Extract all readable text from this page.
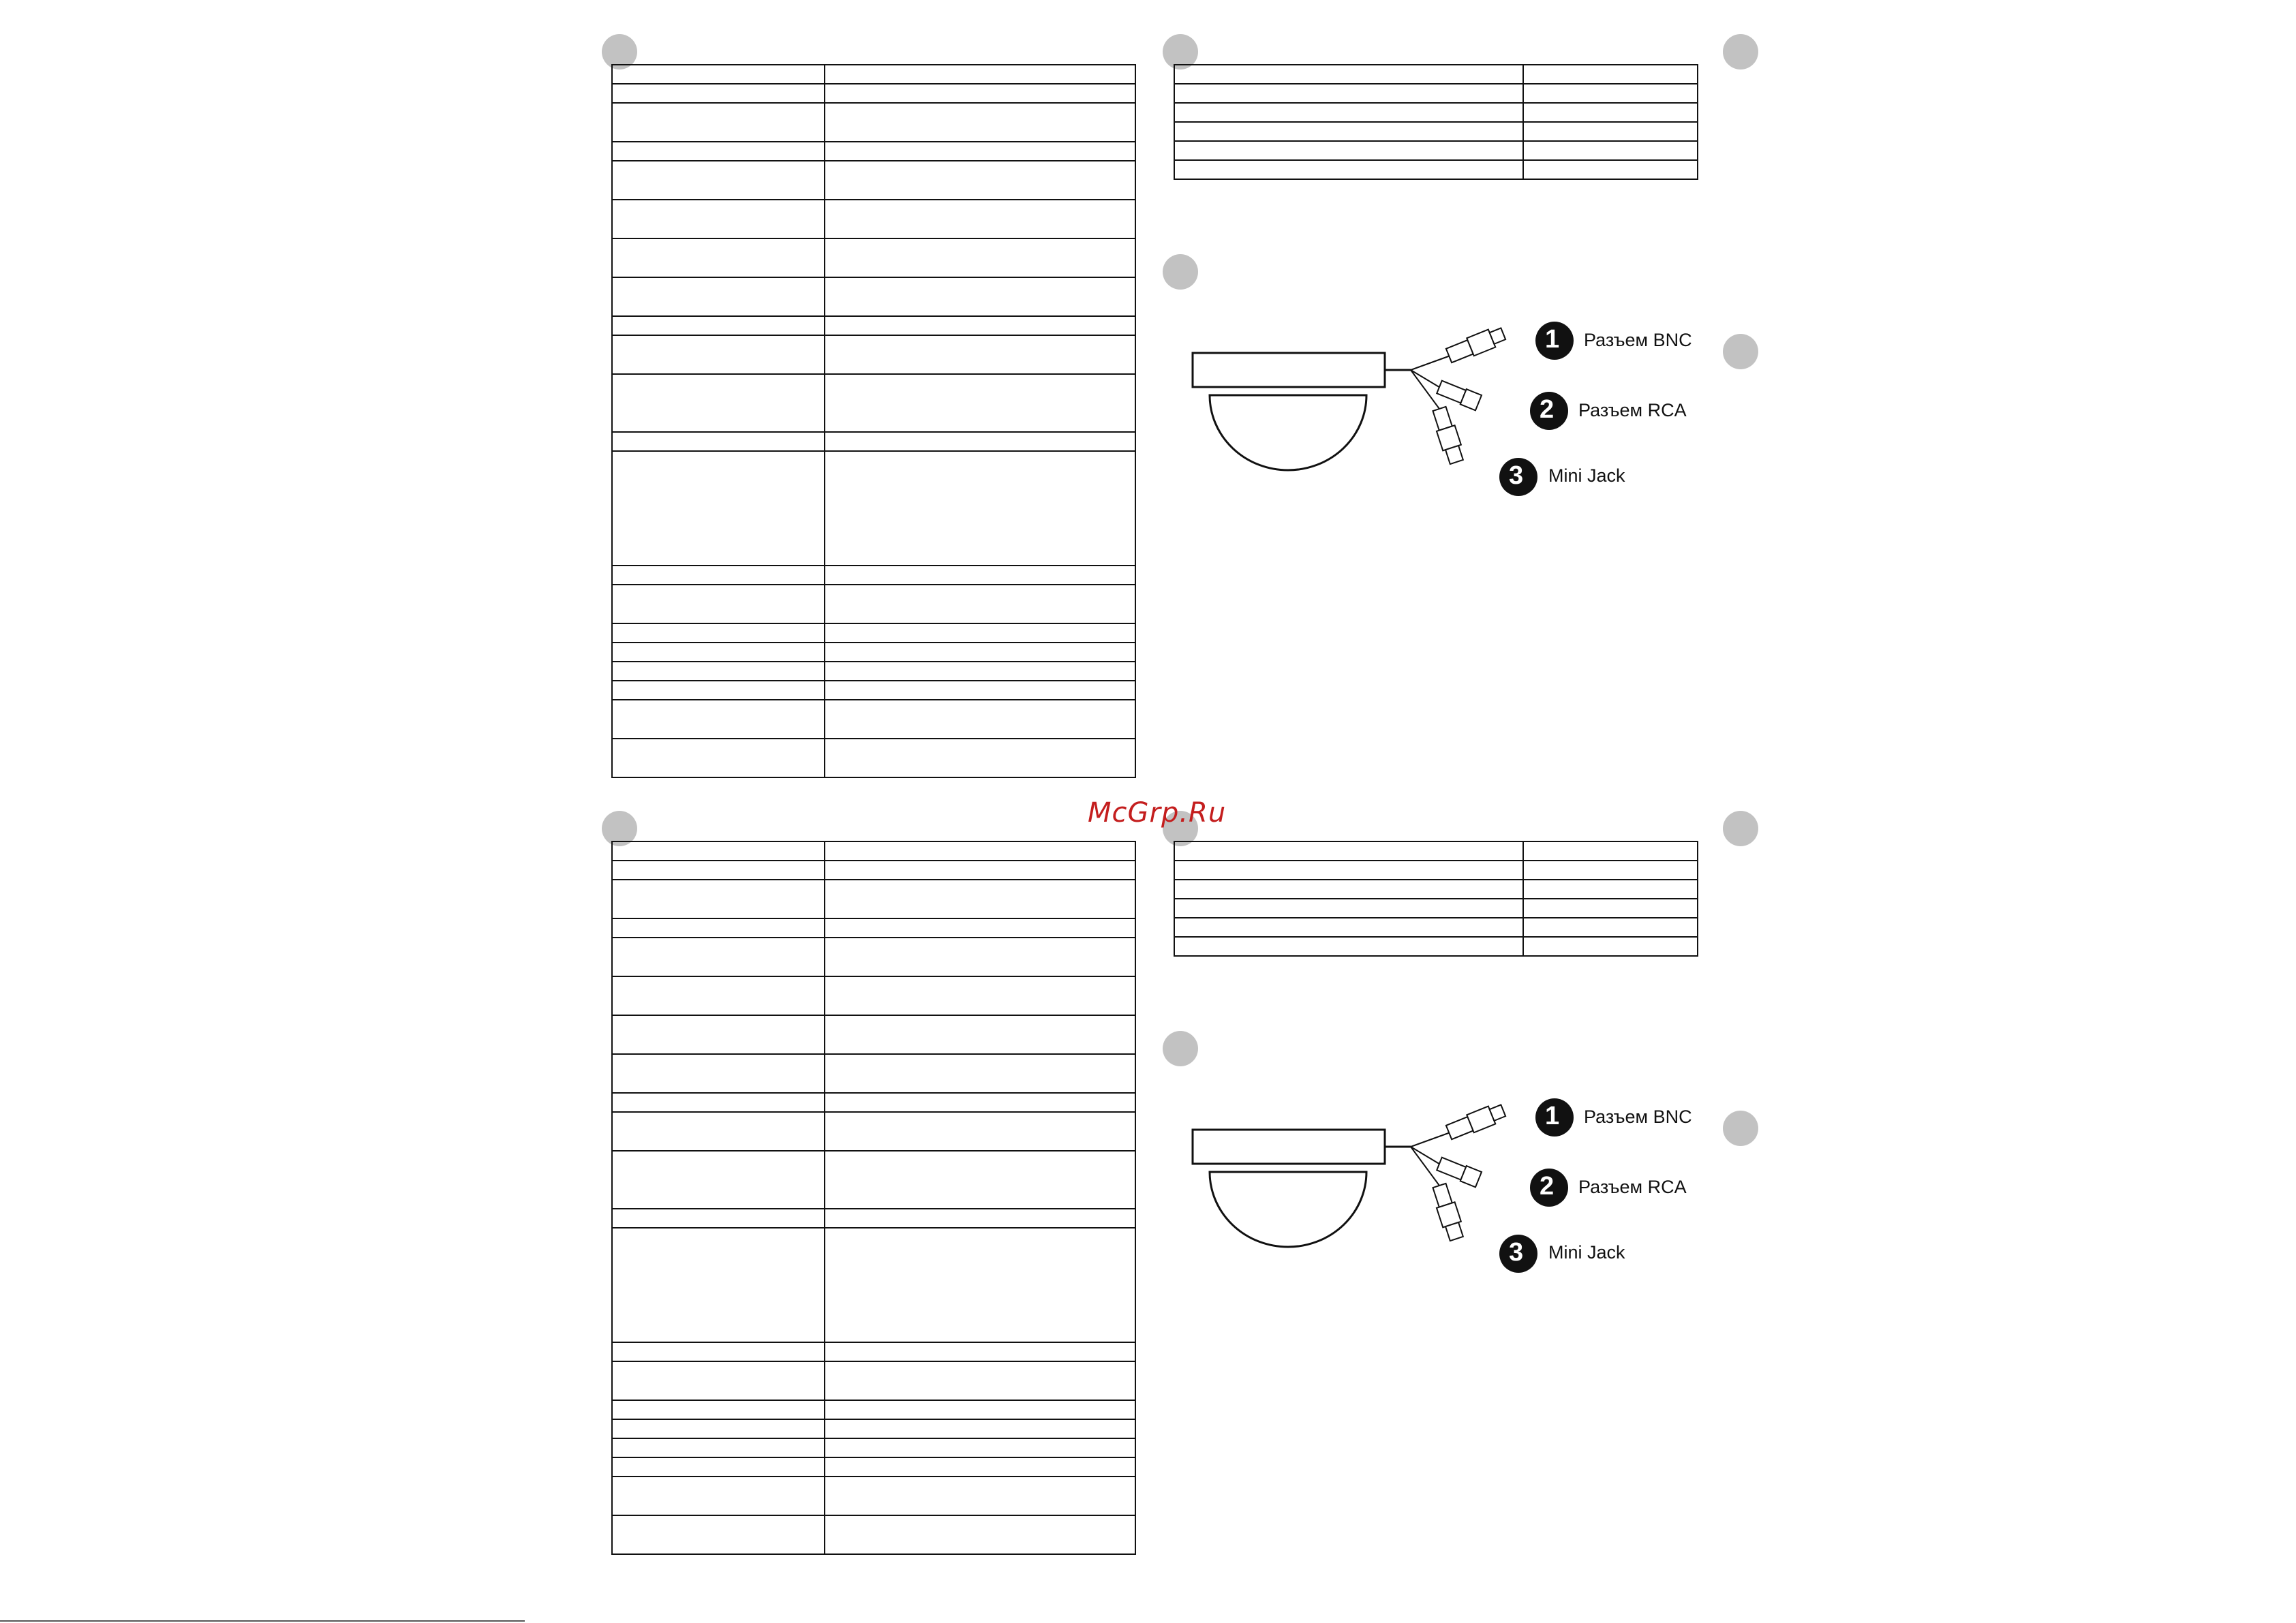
1 Разъем BNC
2 Разъем RCA
3 Mini Jack
McGrp.Ru

1 Разъем BNC
2 Разъем RCA
3 Mini Jack
